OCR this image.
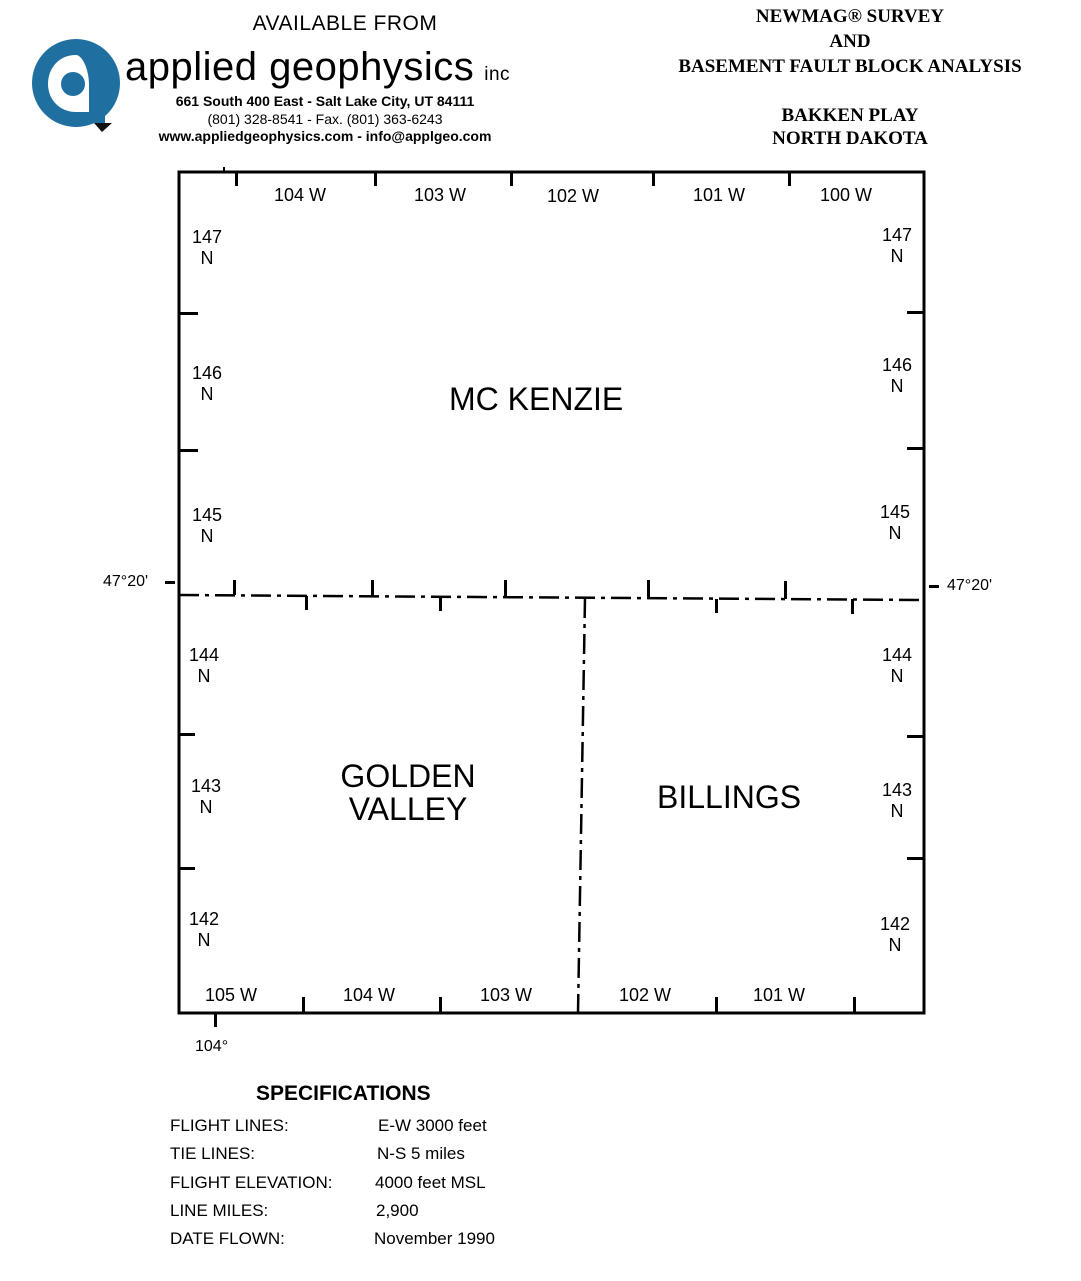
AVAILABLE FROM
applied geophysics inc
661 South 400 East - Salt Lake City, UT 84111
(801) 328-8541 - Fax. (801) 363-6243
www.appliedgeophysics.com - info@applgeo.com
NEWMAG® SURVEY
AND
BASEMENT FAULT BLOCK ANALYSIS
BAKKEN PLAY
NORTH DAKOTA
104 W	103 W	102 W	101 W	100 W
105 W	104 W	103 W	102 W	101 W
147
N
146
N
145
N
144
N
143
N
142
N
147
N
146
N
145
N
144
N
143
N
142
N
47°20'	47°20'
104°
MC KENZIE
GOLDEN
VALLEY	BILLINGS
SPECIFICATIONS
FLIGHT LINES:	E-W 3000 feet
TIE LINES:	N-S 5 miles
FLIGHT ELEVATION:	4000 feet MSL
LINE MILES:	2,900
DATE FLOWN:	November 1990
